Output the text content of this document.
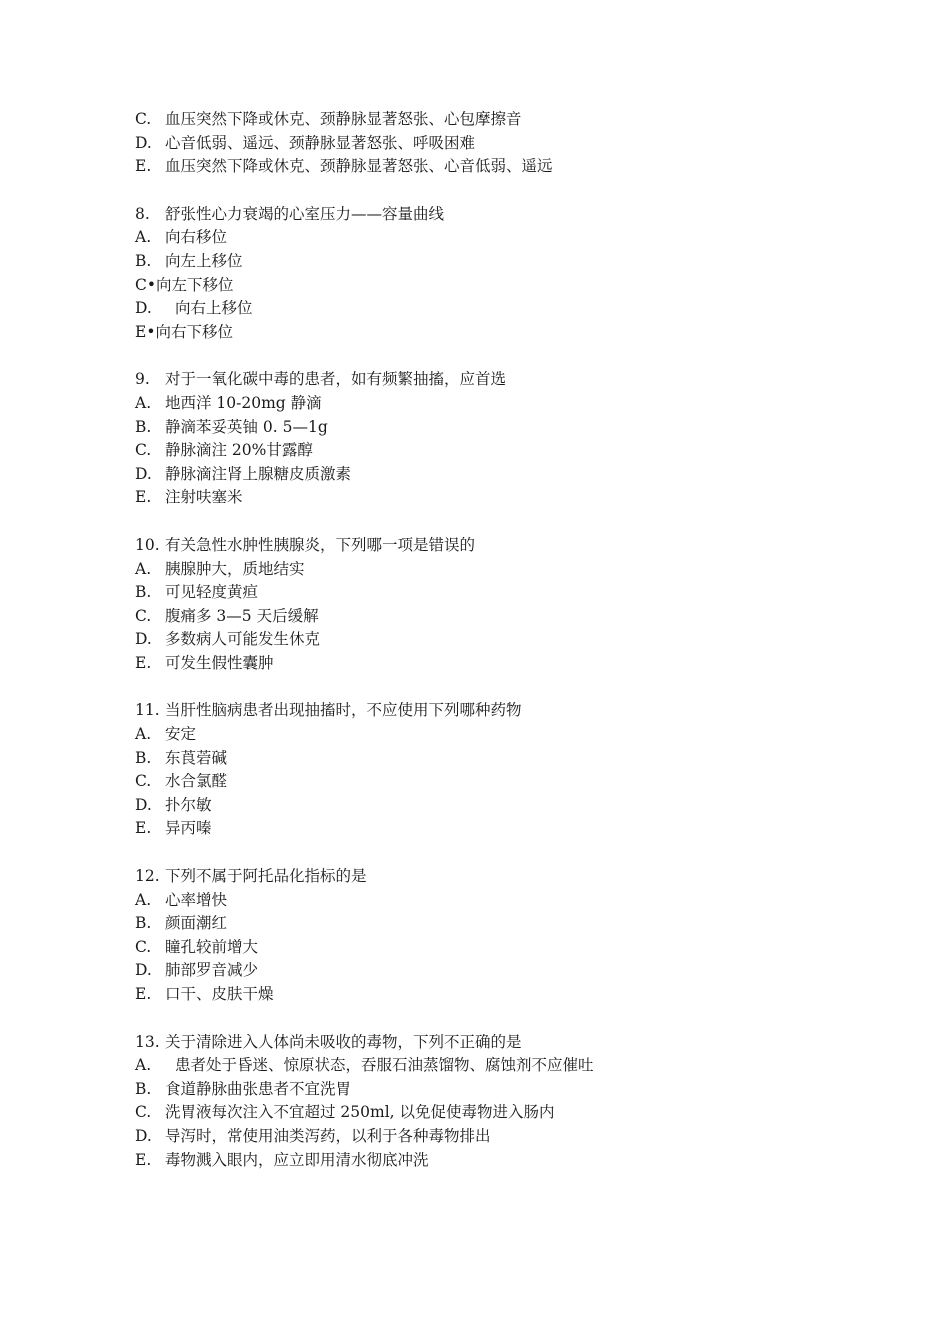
C. 血压突然下降或休克、颈静脉显著怒张、心包摩擦音
D. 心音低弱、遥远、颈静脉显著怒张、呼吸困难
E. 血压突然下降或休克、颈静脉显著怒张、心音低弱、遥远
8. 舒张性心力衰竭的心室压力——容量曲线
A. 向右移位
B. 向左上移位
C•向左下移位
D. 向右上移位
E•向右下移位
9. 对于一氧化碳中毒的患者，如有频繁抽搐，应首选
A. 地西洋 10-20mg 静滴
B. 静滴苯妥英铀 0. 5—1g
C. 静脉滴注 20%甘露醇
D. 静脉滴注肾上腺糖皮质激素
E. 注射呋塞米
10. 有关急性水肿性胰腺炎，下列哪一项是错误的
A. 胰腺肿大，质地结实
B. 可见轻度黄疸
C. 腹痛多 3—5 天后缓解
D. 多数病人可能发生休克
E. 可发生假性囊肿
11. 当肝性脑病患者出现抽搐时，不应使用下列哪种药物
A. 安定
B. 东莨菪碱
C. 水合氯醛
D. 扑尔敏
E. 异丙嗪
12. 下列不属于阿托品化指标的是
A. 心率增快
B. 颜面潮红
C. 瞳孔较前增大
D. 肺部罗音减少
E. 口干、皮肤干燥
13. 关于清除进入人体尚未吸收的毒物，下列不正确的是
A. 患者处于昏迷、惊原状态，吞服石油蒸馏物、腐蚀剂不应催吐
B. 食道静脉曲张患者不宜洗胃
C. 洗胃液每次注入不宜超过 250ml, 以免促使毒物进入肠内
D. 导泻时，常使用油类泻药，以利于各种毒物排出
E. 毒物溅入眼内，应立即用清水彻底冲洗
